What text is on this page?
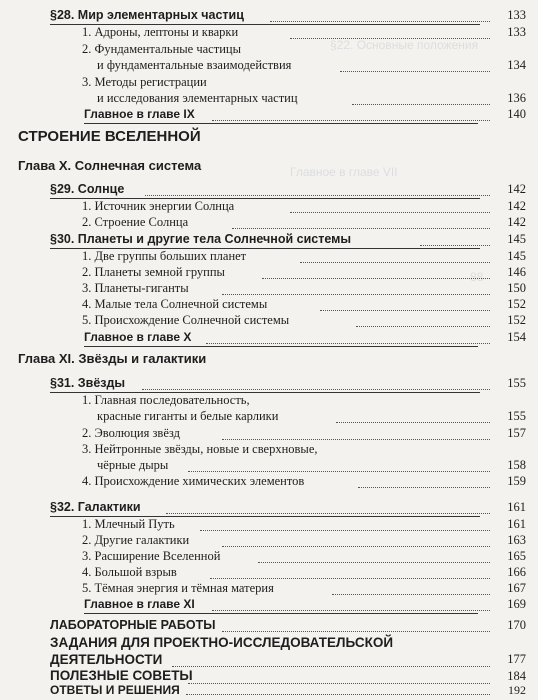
§22. Основные положения
Главное в главе VII
88
§28. Мир элементарных частиц	133
1. Адроны, лептоны и кварки	133
2. Фундаментальные частицы
и фундаментальные взаимодействия	134
3. Методы регистрации
и исследования элементарных частиц	136
Главное в главе IX	140
СТРОЕНИЕ ВСЕЛЕННОЙ
Глава X. Солнечная система
§29. Солнце	142
1. Источник энергии Солнца	142
2. Строение Солнца	142
§30. Планеты и другие тела Солнечной системы	145
1. Две группы больших планет	145
2. Планеты земной группы	146
3. Планеты-гиганты	150
4. Малые тела Солнечной системы	152
5. Происхождение Солнечной системы	152
Главное в главе X	154
Глава XI. Звёзды и галактики
§31. Звёзды	155
1. Главная последовательность,
красные гиганты и белые карлики	155
2. Эволюция звёзд	157
3. Нейтронные звёзды, новые и сверхновые,
чёрные дыры	158
4. Происхождение химических элементов	159
§32. Галактики	161
1. Млечный Путь	161
2. Другие галактики	163
3. Расширение Вселенной	165
4. Большой взрыв	166
5. Тёмная энергия и тёмная материя	167
Главное в главе XI	169
ЛАБОРАТОРНЫЕ РАБОТЫ	170
ЗАДАНИЯ ДЛЯ ПРОЕКТНО-ИССЛЕДОВАТЕЛЬСКОЙ
ДЕЯТЕЛЬНОСТИ	177
ПОЛЕЗНЫЕ СОВЕТЫ	184
ОТВЕТЫ И РЕШЕНИЯ	192
